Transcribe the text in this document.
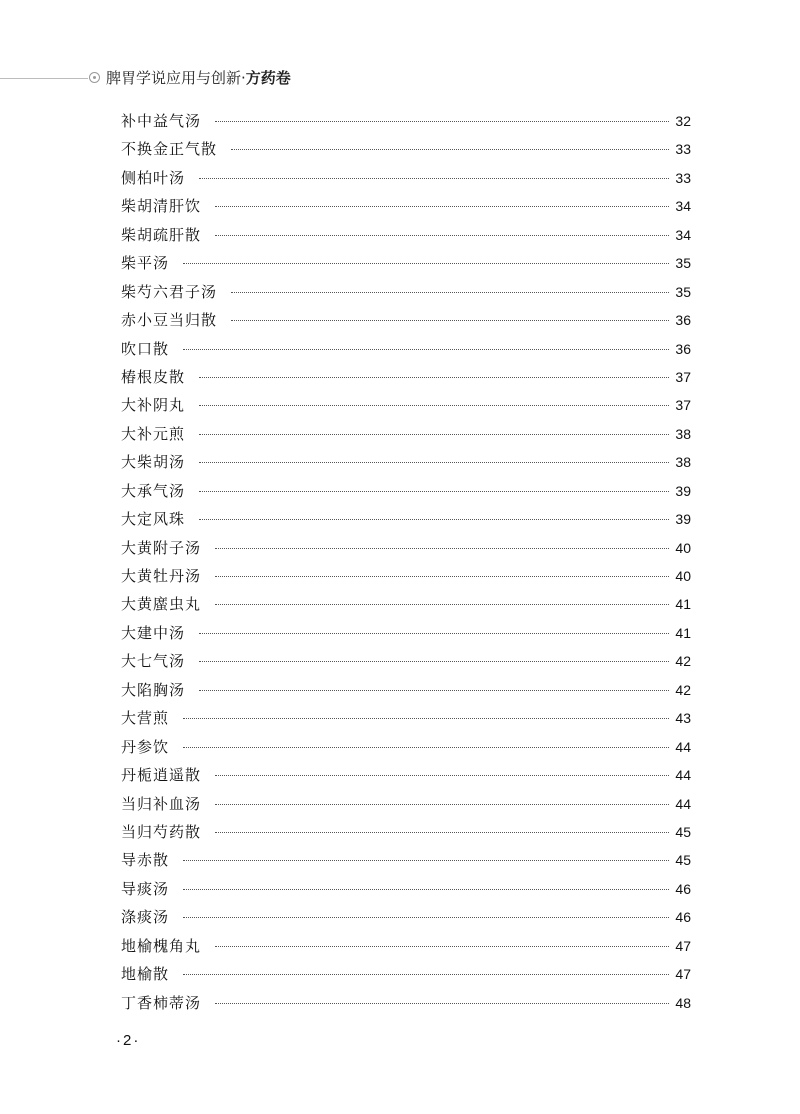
脾胃学说应用与创新·方药卷
补中益气汤	32
不换金正气散	33
侧柏叶汤	33
柴胡清肝饮	34
柴胡疏肝散	34
柴平汤	35
柴芍六君子汤	35
赤小豆当归散	36
吹口散	36
椿根皮散	37
大补阴丸	37
大补元煎	38
大柴胡汤	38
大承气汤	39
大定风珠	39
大黄附子汤	40
大黄牡丹汤	40
大黄䗪虫丸	41
大建中汤	41
大七气汤	42
大陷胸汤	42
大营煎	43
丹参饮	44
丹栀逍遥散	44
当归补血汤	44
当归芍药散	45
导赤散	45
导痰汤	46
涤痰汤	46
地榆槐角丸	47
地榆散	47
丁香柿蒂汤	48
·2·
